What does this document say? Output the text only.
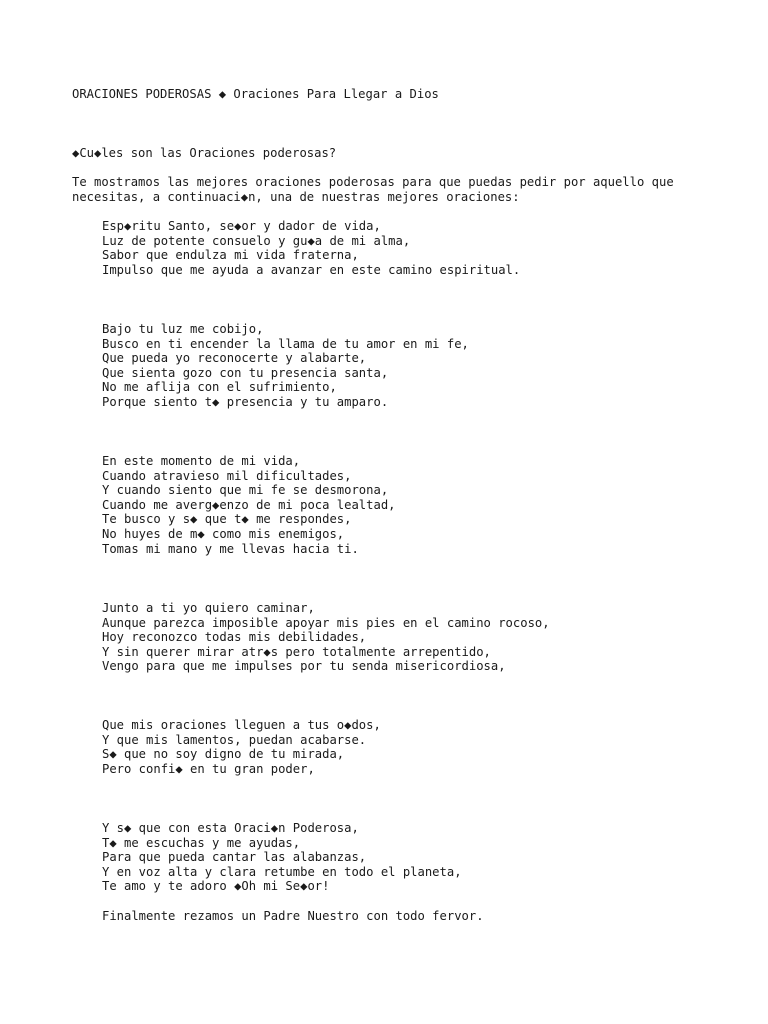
ORACIONES PODEROSAS ◆ Oraciones Para Llegar a Dios

◆Cu◆les son las Oraciones poderosas?

Te mostramos las mejores oraciones poderosas para que puedas pedir por aquello que
necesitas, a continuaci◆n, una de nuestras mejores oraciones:
Esp◆ritu Santo, se◆or y dador de vida,
Luz de potente consuelo y gu◆a de mi alma,
Sabor que endulza mi vida fraterna,
Impulso que me ayuda a avanzar en este camino espiritual.
Bajo tu luz me cobijo,
Busco en ti encender la llama de tu amor en mi fe,
Que pueda yo reconocerte y alabarte,
Que sienta gozo con tu presencia santa,
No me aflija con el sufrimiento,
Porque siento t◆ presencia y tu amparo.
En este momento de mi vida,
Cuando atravieso mil dificultades,
Y cuando siento que mi fe se desmorona,
Cuando me averg◆enzo de mi poca lealtad,
Te busco y s◆ que t◆ me respondes,
No huyes de m◆ como mis enemigos,
Tomas mi mano y me llevas hacia ti.
Junto a ti yo quiero caminar,
Aunque parezca imposible apoyar mis pies en el camino rocoso,
Hoy reconozco todas mis debilidades,
Y sin querer mirar atr◆s pero totalmente arrepentido,
Vengo para que me impulses por tu senda misericordiosa,
Que mis oraciones lleguen a tus o◆dos,
Y que mis lamentos, puedan acabarse.
S◆ que no soy digno de tu mirada,
Pero confi◆ en tu gran poder,
Y s◆ que con esta Oraci◆n Poderosa,
T◆ me escuchas y me ayudas,
Para que pueda cantar las alabanzas,
Y en voz alta y clara retumbe en todo el planeta,
Te amo y te adoro ◆Oh mi Se◆or!

Finalmente rezamos un Padre Nuestro con todo fervor.
